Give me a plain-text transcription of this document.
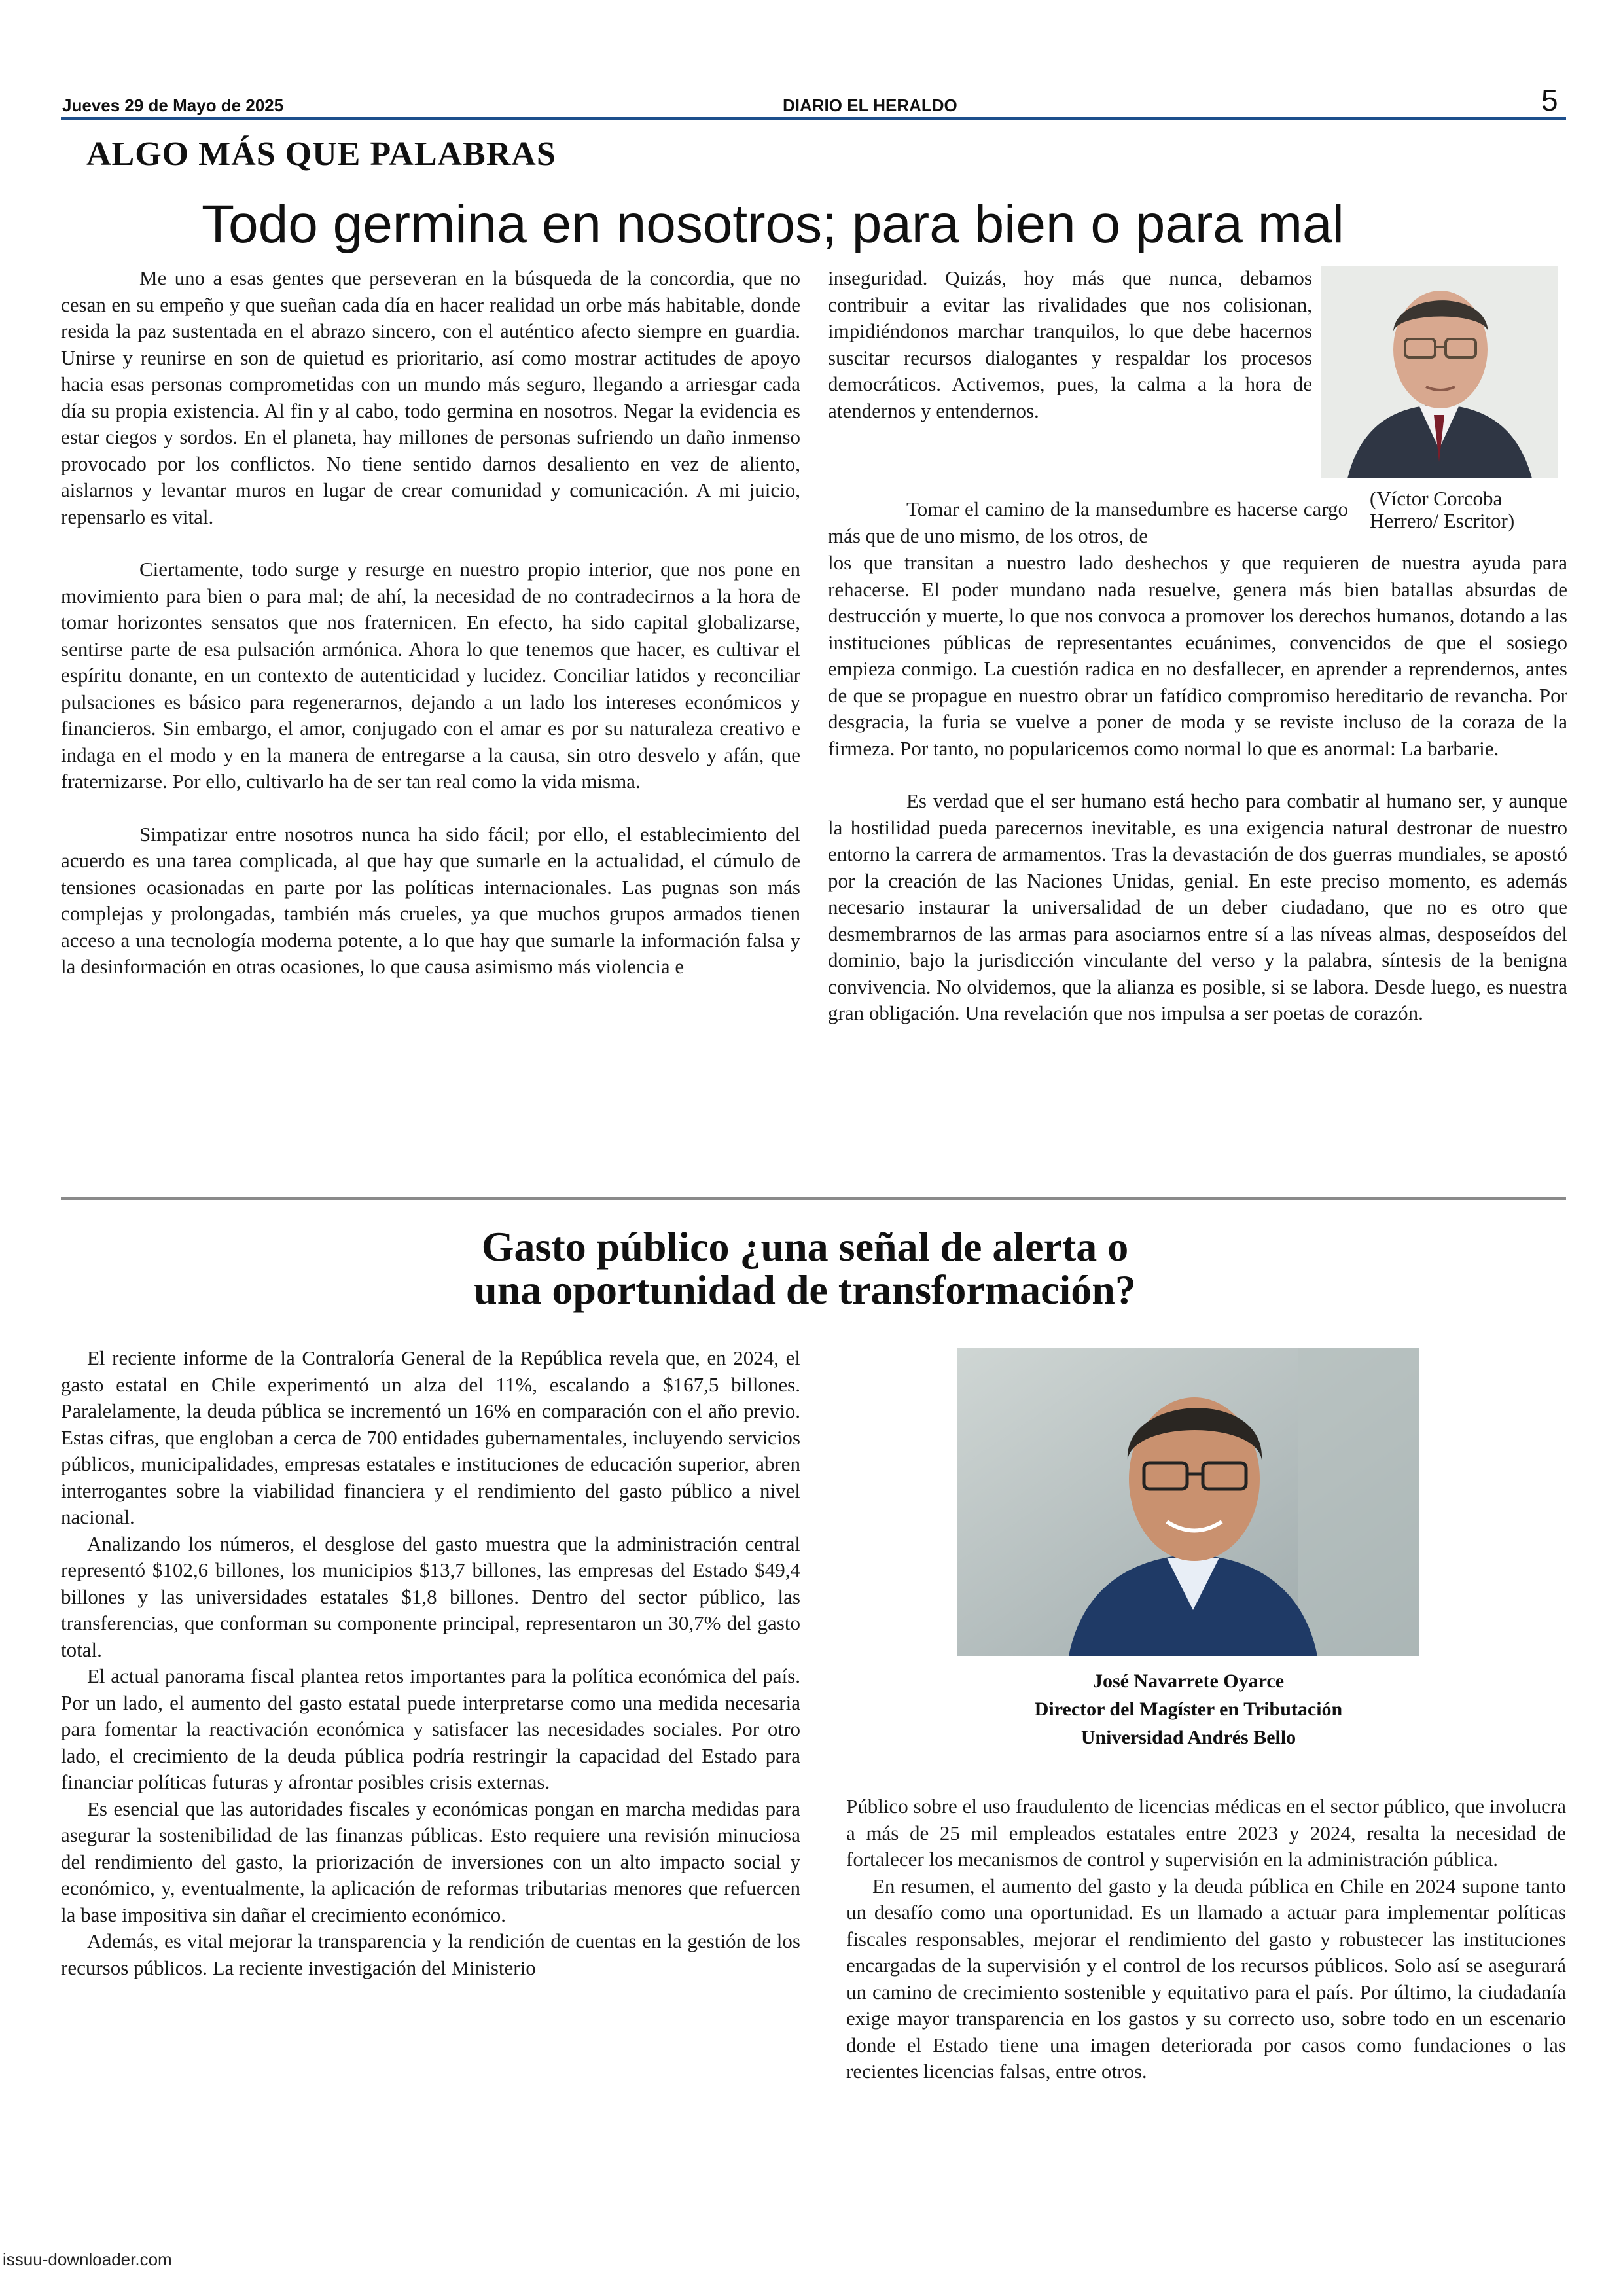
Jueves 29 de Mayo de 2025	DIARIO EL HERALDO	5
ALGO MÁS QUE PALABRAS
Todo germina en nosotros; para bien o para mal

Me uno a esas gentes que perseveran en la búsqueda de la concordia, que no cesan en su empeño y que sueñan cada día en hacer realidad un orbe más habitable, donde resida la paz sustentada en el abrazo sincero, con el auténtico afecto siempre en guardia. Unirse y reunirse en son de quietud es prioritario, así como mostrar actitudes de apoyo hacia esas personas comprometidas con un mundo más seguro, llegando a arriesgar cada día su propia existencia. Al fin y al cabo, todo germina en nosotros. Negar la evidencia es estar ciegos y sordos. En el planeta, hay millones de personas sufriendo un daño inmenso provocado por los conflictos. No tiene sentido darnos desaliento en vez de aliento, aislarnos y levantar muros en lugar de crear comunidad y comunicación. A mi juicio, repensarlo es vital.

Ciertamente, todo surge y resurge en nuestro propio interior, que nos pone en movimiento para bien o para mal; de ahí, la necesidad de no contradecirnos a la hora de tomar horizontes sensatos que nos fraternicen. En efecto, ha sido capital globalizarse, sentirse parte de esa pulsación armónica. Ahora lo que tenemos que hacer, es cultivar el espíritu donante, en un contexto de autenticidad y lucidez. Conciliar latidos y reconciliar pulsaciones es básico para regenerarnos, dejando a un lado los intereses económicos y financieros. Sin embargo, el amor, conjugado con el amar es por su naturaleza creativo e indaga en el modo y en la manera de entregarse a la causa, sin otro desvelo y afán, que fraternizarse. Por ello, cultivarlo ha de ser tan real como la vida misma.

Simpatizar entre nosotros nunca ha sido fácil; por ello, el establecimiento del acuerdo es una tarea complicada, al que hay que sumarle en la actualidad, el cúmulo de tensiones ocasionadas en parte por las políticas internacionales. Las pugnas son más complejas y prolongadas, también más crueles, ya que muchos grupos armados tienen acceso a una tecnología moderna potente, a lo que hay que sumarle la información falsa y la desinformación en otras ocasiones, lo que causa asimismo más violencia e

inseguridad. Quizás, hoy más que nunca, debamos contribuir a evitar las rivalidades que nos colisionan, impidiéndonos marchar tranquilos, lo que debe hacernos suscitar recursos dialogantes y respaldar los procesos democráticos. Activemos, pues, la calma a la hora de atendernos y entendernos.

Tomar el camino de la mansedumbre es hacerse cargo más que de uno mismo, de los otros, de

(Víctor Corcoba Herrero/ Escritor)

los que transitan a nuestro lado deshechos y que requieren de nuestra ayuda para rehacerse. El poder mundano nada resuelve, genera más bien batallas absurdas de destrucción y muerte, lo que nos convoca a promover los derechos humanos, dotando a las instituciones públicas de representantes ecuánimes, convencidos de que el sosiego empieza conmigo. La cuestión radica en no desfallecer, en aprender a reprendernos, antes de que se propague en nuestro obrar un fatídico compromiso hereditario de revancha. Por desgracia, la furia se vuelve a poner de moda y se reviste incluso de la coraza de la firmeza. Por tanto, no popularicemos como normal lo que es anormal: La barbarie.

Es verdad que el ser humano está hecho para combatir al humano ser, y aunque la hostilidad pueda parecernos inevitable, es una exigencia natural destronar de nuestro entorno la carrera de armamentos. Tras la devastación de dos guerras mundiales, se apostó por la creación de las Naciones Unidas, genial. En este preciso momento, es además necesario instaurar la universalidad de un deber ciudadano, que no es otro que desmembrarnos de las armas para asociarnos entre sí a las níveas almas, desposeídos del dominio, bajo la jurisdicción vinculante del verso y la palabra, síntesis de la benigna convivencia. No olvidemos, que la alianza es posible, si se labora. Desde luego, es nuestra gran obligación. Una revelación que nos impulsa a ser poetas de corazón.

Gasto público ¿una señal de alerta o
una oportunidad de transformación?

El reciente informe de la Contraloría General de la República revela que, en 2024, el gasto estatal en Chile experimentó un alza del 11%, escalando a $167,5 billones. Paralelamente, la deuda pública se incrementó un 16% en comparación con el año previo. Estas cifras, que engloban a cerca de 700 entidades gubernamentales, incluyendo servicios públicos, municipalidades, empresas estatales e instituciones de educación superior, abren interrogantes sobre la viabilidad financiera y el rendimiento del gasto público a nivel nacional.

Analizando los números, el desglose del gasto muestra que la administración central representó $102,6 billones, los municipios $13,7 billones, las empresas del Estado $49,4 billones y las universidades estatales $1,8 billones. Dentro del sector público, las transferencias, que conforman su componente principal, representaron un 30,7% del gasto total.

El actual panorama fiscal plantea retos importantes para la política económica del país. Por un lado, el aumento del gasto estatal puede interpretarse como una medida necesaria para fomentar la reactivación económica y satisfacer las necesidades sociales. Por otro lado, el crecimiento de la deuda pública podría restringir la capacidad del Estado para financiar políticas futuras y afrontar posibles crisis externas.

Es esencial que las autoridades fiscales y económicas pongan en marcha medidas para asegurar la sostenibilidad de las finanzas públicas. Esto requiere una revisión minuciosa del rendimiento del gasto, la priorización de inversiones con un alto impacto social y económico, y, eventualmente, la aplicación de reformas tributarias menores que refuercen la base impositiva sin dañar el crecimiento económico.

Además, es vital mejorar la transparencia y la rendición de cuentas en la gestión de los recursos públicos. La reciente investigación del Ministerio

José Navarrete Oyarce
Director del Magíster en Tributación
Universidad Andrés Bello

Público sobre el uso fraudulento de licencias médicas en el sector público, que involucra a más de 25 mil empleados estatales entre 2023 y 2024, resalta la necesidad de fortalecer los mecanismos de control y supervisión en la administración pública.

En resumen, el aumento del gasto y la deuda pública en Chile en 2024 supone tanto un desafío como una oportunidad. Es un llamado a actuar para implementar políticas fiscales responsables, mejorar el rendimiento del gasto y robustecer las instituciones encargadas de la supervisión y el control de los recursos públicos. Solo así se asegurará un camino de crecimiento sostenible y equitativo para el país. Por último, la ciudadanía exige mayor transparencia en los gastos y su correcto uso, sobre todo en un escenario donde el Estado tiene una imagen deteriorada por casos como fundaciones o las recientes licencias falsas, entre otros.

issuu-downloader.com
